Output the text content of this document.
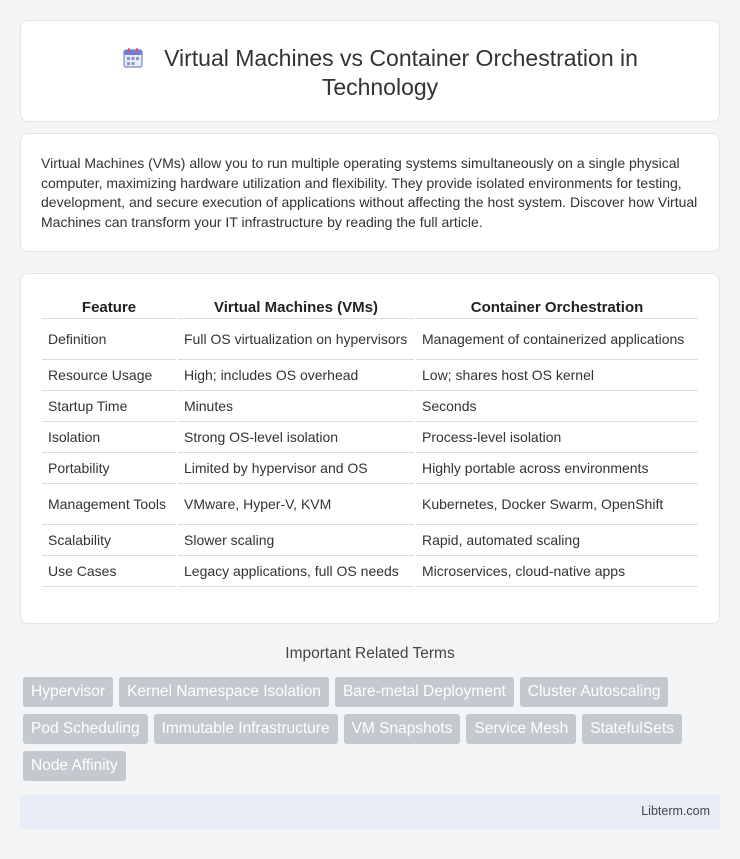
Virtual Machines vs Container Orchestration in Technology

Virtual Machines (VMs) allow you to run multiple operating systems simultaneously on a single physical computer, maximizing hardware utilization and flexibility. They provide isolated environments for testing, development, and secure execution of applications without affecting the host system. Discover how Virtual Machines can transform your IT infrastructure by reading the full article.

Feature	Virtual Machines (VMs)	Container Orchestration
Definition	Full OS virtualization on hypervisors	Management of containerized applications
Resource Usage	High; includes OS overhead	Low; shares host OS kernel
Startup Time	Minutes	Seconds
Isolation	Strong OS-level isolation	Process-level isolation
Portability	Limited by hypervisor and OS	Highly portable across environments
Management Tools	VMware, Hyper-V, KVM	Kubernetes, Docker Swarm, OpenShift
Scalability	Slower scaling	Rapid, automated scaling
Use Cases	Legacy applications, full OS needs	Microservices, cloud-native apps
Important Related Terms
Hypervisor	Kernel Namespace Isolation	Bare-metal Deployment	Cluster Autoscaling
Pod Scheduling	Immutable Infrastructure	VM Snapshots	Service Mesh	StatefulSets
Node Affinity
Libterm.com
